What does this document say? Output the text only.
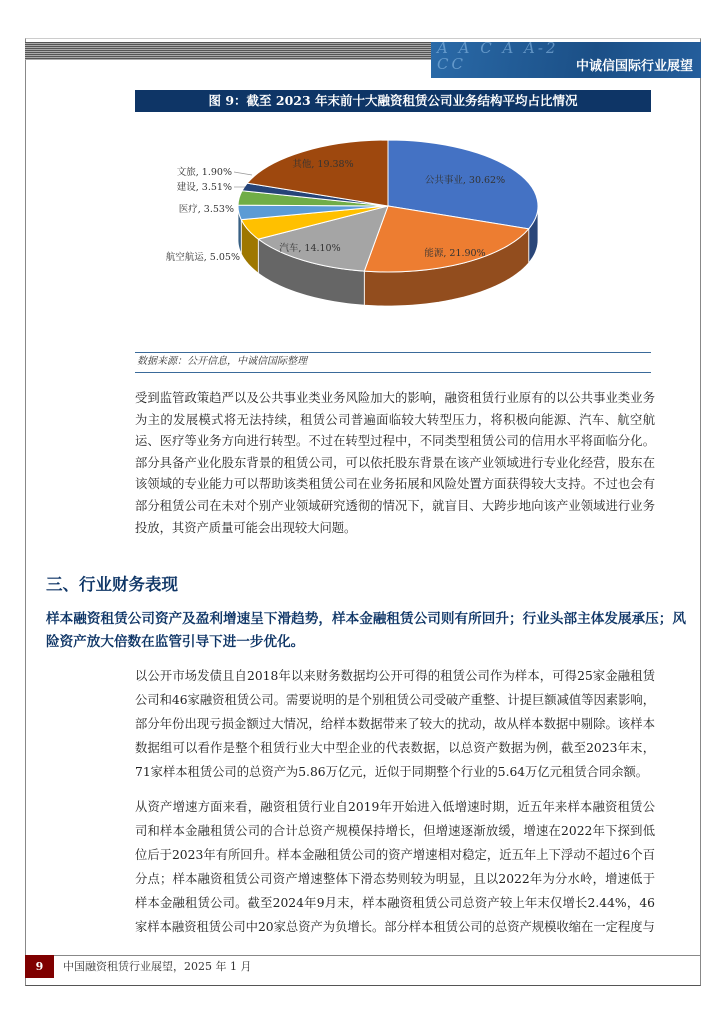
A A C A A-2 CC	中诚信国际行业展望
图 9：截至 2023 年末前十大融资租赁公司业务结构平均占比情况
公共事业, 30.62%
能源, 21.90%
汽车, 14.10%
航空航运, 5.05%
医疗, 3.53%
建设, 3.51%
文旅, 1.90%
其他, 19.38%
数据来源：公开信息，中诚信国际整理
受到监管政策趋严以及公共事业类业务风险加大的影响，融资租赁行业原有的以公共事业类业务为主的发展模式将无法持续，租赁公司普遍面临较大转型压力，将积极向能源、汽车、航空航运、医疗等业务方向进行转型。不过在转型过程中，不同类型租赁公司的信用水平将面临分化。部分具备产业化股东背景的租赁公司，可以依托股东背景在该产业领域进行专业化经营，股东在该领域的专业能力可以帮助该类租赁公司在业务拓展和风险处置方面获得较大支持。不过也会有部分租赁公司在未对个别产业领域研究透彻的情况下，就盲目、大跨步地向该产业领域进行业务投放，其资产质量可能会出现较大问题。
三、行业财务表现
样本融资租赁公司资产及盈利增速呈下滑趋势，样本金融租赁公司则有所回升；行业头部主体发展承压；风险资产放大倍数在监管引导下进一步优化。
以公开市场发债且自2018年以来财务数据均公开可得的租赁公司作为样本，可得25家金融租赁公司和46家融资租赁公司。需要说明的是个别租赁公司受破产重整、计提巨额减值等因素影响，部分年份出现亏损金额过大情况，给样本数据带来了较大的扰动，故从样本数据中剔除。该样本数据组可以看作是整个租赁行业大中型企业的代表数据，以总资产数据为例，截至2023年末，71家样本租赁公司的总资产为5.86万亿元，近似于同期整个行业的5.64万亿元租赁合同余额。
从资产增速方面来看，融资租赁行业自2019年开始进入低增速时期，近五年来样本融资租赁公司和样本金融租赁公司的合计总资产规模保持增长，但增速逐渐放缓，增速在2022年下探到低位后于2023年有所回升。样本金融租赁公司的资产增速相对稳定，近五年上下浮动不超过6个百分点；样本融资租赁公司资产增速整体下滑态势则较为明显，且以2022年为分水岭，增速低于样本金融租赁公司。截至2024年9月末，样本融资租赁公司总资产较上年末仅增长2.44%，46家样本融资租赁公司中20家总资产为负增长。部分样本租赁公司的总资产规模收缩在一定程度与
9	中国融资租赁行业展望，2025 年 1 月
